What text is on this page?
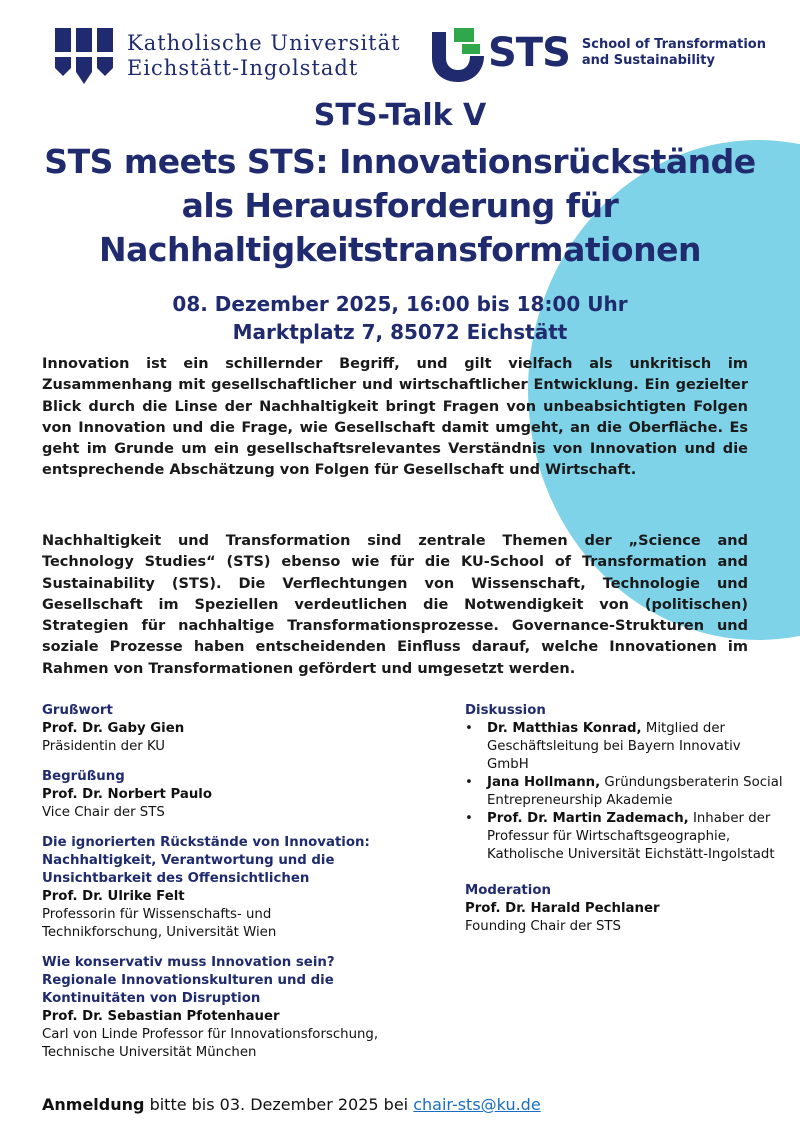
Katholische Universität
Eichstätt-Ingolstadt	STS School of Transformation
and Sustainability
STS-Talk V
STS meets STS: Innovationsrückstände
als Herausforderung für
Nachhaltigkeitstransformationen
08. Dezember 2025, 16:00 bis 18:00 Uhr
Marktplatz 7, 85072 Eichstätt

Innovation ist ein schillernder Begriff, und gilt vielfach als unkritisch im Zusammenhang mit gesellschaftlicher und wirtschaftlicher Entwicklung. Ein gezielter Blick durch die Linse der Nachhaltigkeit bringt Fragen von unbeabsichtigten Folgen von Innovation und die Frage, wie Gesellschaft damit umgeht, an die Oberfläche. Es geht im Grunde um ein gesellschaftsrelevantes Verständnis von Innovation und die entsprechende Abschätzung von Folgen für Gesellschaft und Wirtschaft.

Nachhaltigkeit und Transformation sind zentrale Themen der „Science and Technology Studies“ (STS) ebenso wie für die KU-School of Transformation and Sustainability (STS). Die Verflechtungen von Wissenschaft, Technologie und Gesellschaft im Speziellen verdeutlichen die Notwendigkeit von (politischen) Strategien für nachhaltige Transformationsprozesse. Governance-Strukturen und soziale Prozesse haben entscheidenden Einfluss darauf, welche Innovationen im Rahmen von Transformationen gefördert und umgesetzt werden.

Grußwort
Prof. Dr. Gaby Gien
Präsidentin der KU
Begrüßung
Prof. Dr. Norbert Paulo
Vice Chair der STS
Die ignorierten Rückstände von Innovation:
Nachhaltigkeit, Verantwortung und die
Unsichtbarkeit des Offensichtlichen
Prof. Dr. Ulrike Felt
Professorin für Wissenschafts- und
Technikforschung, Universität Wien
Wie konservativ muss Innovation sein?
Regionale Innovationskulturen und die
Kontinuitäten von Disruption
Prof. Dr. Sebastian Pfotenhauer
Carl von Linde Professor für Innovationsforschung,
Technische Universität München
Diskussion
• Dr. Matthias Konrad, Mitglied der Geschäftsleitung bei Bayern Innovativ GmbH
• Jana Hollmann, Gründungsberaterin Social Entrepreneurship Akademie
• Prof. Dr. Martin Zademach, Inhaber der Professur für Wirtschaftsgeographie, Katholische Universität Eichstätt-Ingolstadt
Moderation
Prof. Dr. Harald Pechlaner
Founding Chair der STS
Anmeldung bitte bis 03. Dezember 2025 bei chair-sts@ku.de
